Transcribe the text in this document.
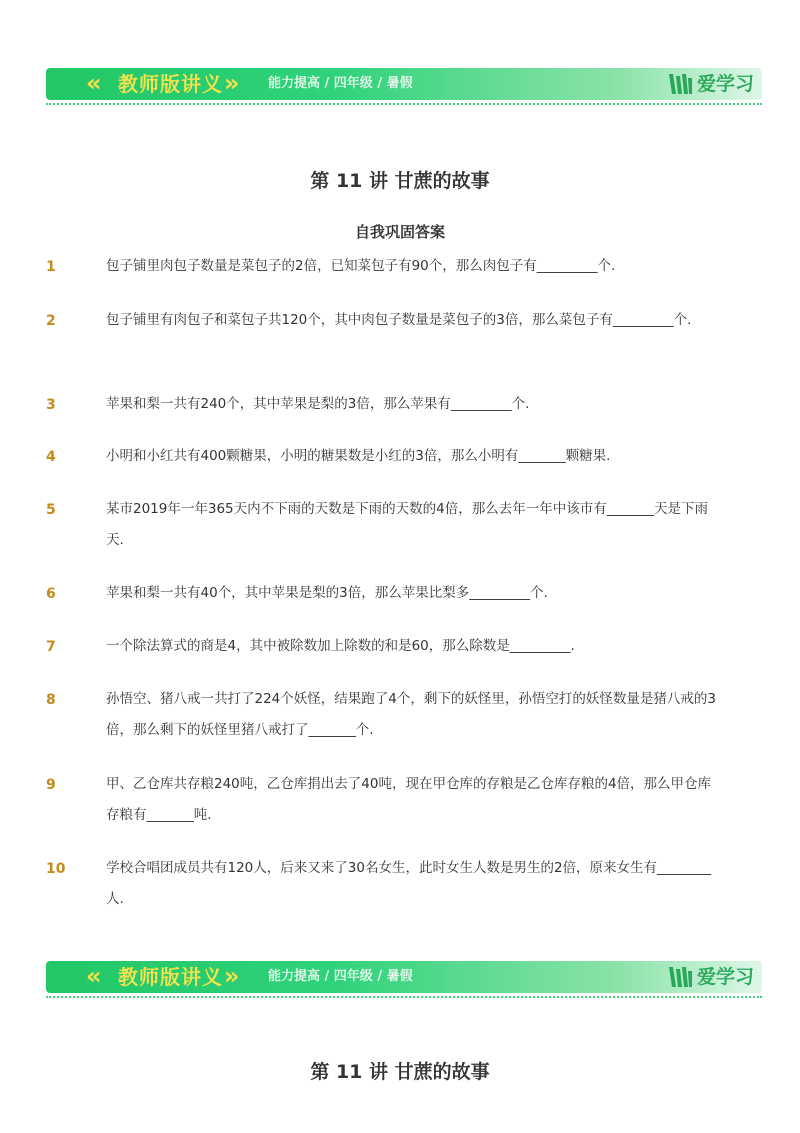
« 教师版讲义 » 能力提高 / 四年级 / 暑假	爱学习
第 11 讲 甘蔗的故事
自我巩固答案
1	包子铺里肉包子数量是菜包子的2倍，已知菜包子有90个，那么肉包子有_________个.
2	包子铺里有肉包子和菜包子共120个，其中肉包子数量是菜包子的3倍，那么菜包子有_________个.
3	苹果和梨一共有240个，其中苹果是梨的3倍，那么苹果有_________个.
4	小明和小红共有400颗糖果，小明的糖果数是小红的3倍，那么小明有_______颗糖果.
5	某市2019年一年365天内不下雨的天数是下雨的天数的4倍，那么去年一年中该市有_______天是下雨天.
6	苹果和梨一共有40个，其中苹果是梨的3倍，那么苹果比梨多_________个.
7	一个除法算式的商是4，其中被除数加上除数的和是60，那么除数是_________.
8	孙悟空、猪八戒一共打了224个妖怪，结果跑了4个，剩下的妖怪里，孙悟空打的妖怪数量是猪八戒的3倍，那么剩下的妖怪里猪八戒打了_______个.
9	甲、乙仓库共存粮240吨，乙仓库捐出去了40吨，现在甲仓库的存粮是乙仓库存粮的4倍，那么甲仓库存粮有_______吨.
10	学校合唱团成员共有120人，后来又来了30名女生，此时女生人数是男生的2倍，原来女生有________人.
« 教师版讲义 » 能力提高 / 四年级 / 暑假	爱学习
第 11 讲 甘蔗的故事
